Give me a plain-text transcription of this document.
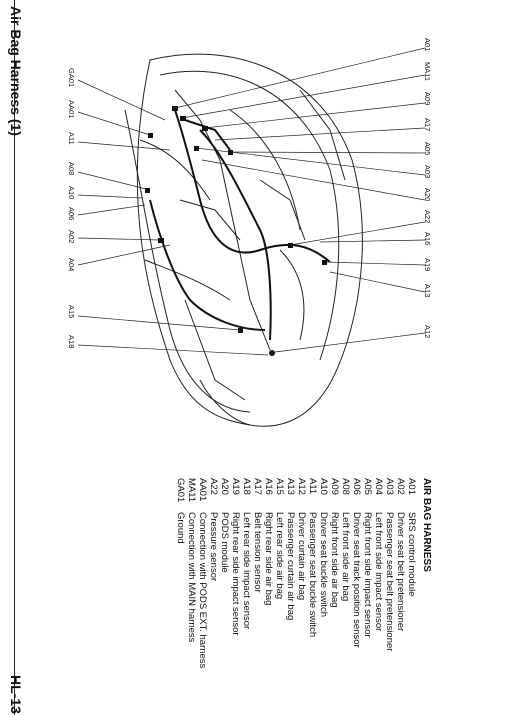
Air Bag Harness (1)
HL-13
A01
MA11
A09
A17
A05
A03
A20
A22
A16
A19
A13
A12
GA01
AA01
A11
A08
A10
A06
A02
A04
A15
A18
AIR BAG HARNESS
A01
SRS control module
A02
Driver seat belt pretensioner
A03
Passenger seat belt pretensioner
A04
Left front side impact sensor
A05
Right front side impact sensor
A06
Driver seat track position sensor
A08
Left front side air bag
A09
Right front side air bag
A10
Driver seat buckle switch
A11
Passenger seat buckle switch
A12
Driver curtain air bag
A13
Passenger curtain air bag
A15
Left rear side air bag
A16
Right rear side air bag
A17
Belt tension sensor
A18
Left rear side impact sensor
A19
Right rear side impact sensor
A20
PODS module
A22
Pressure sensor
AA01
Connection with PODS EXT. harness
MA11
Connection with MAIN harness
GA01
Ground
